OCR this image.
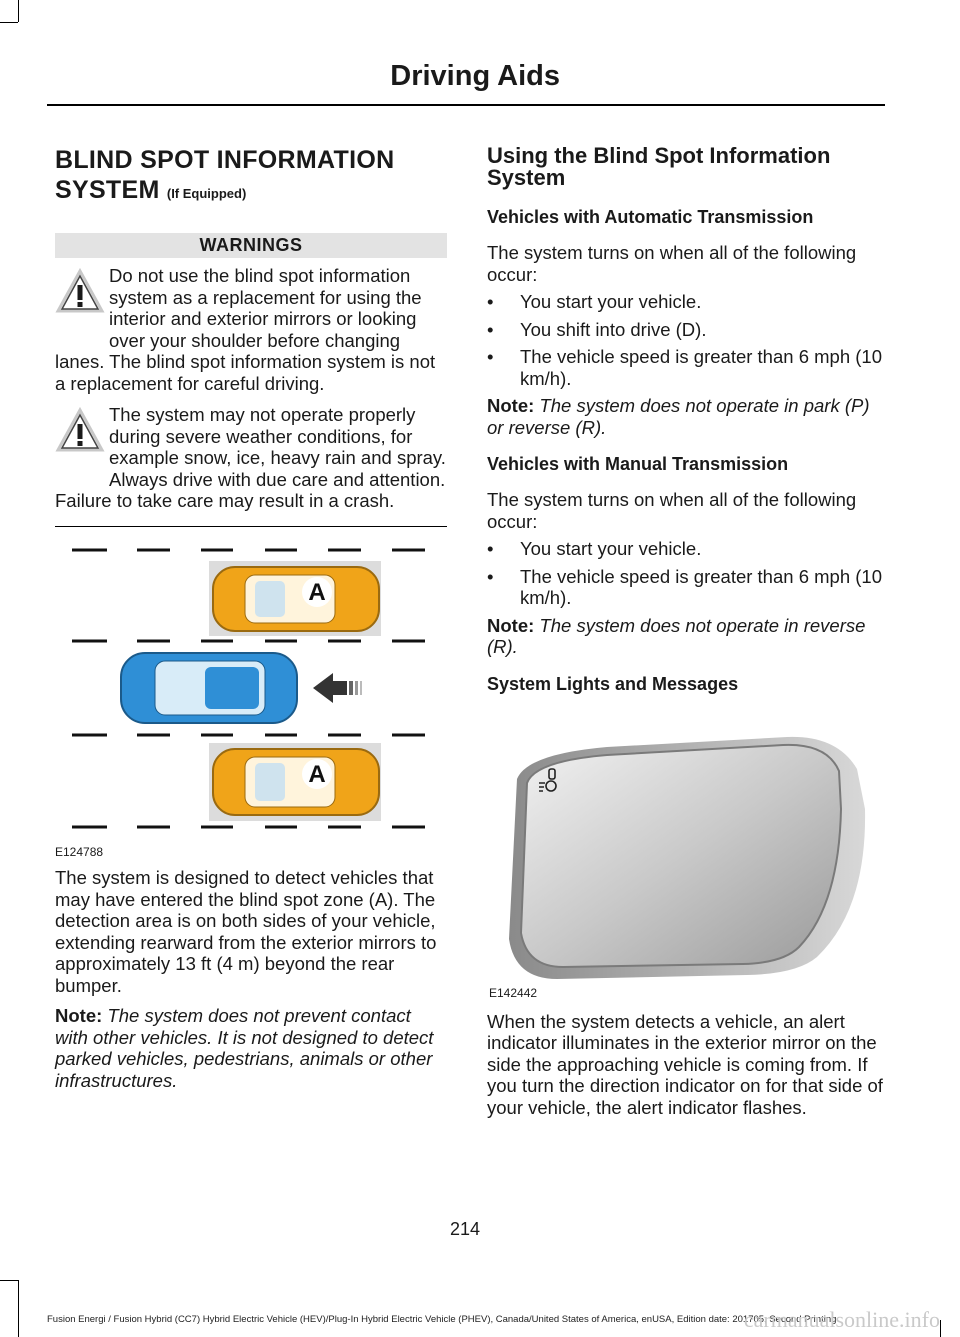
Driving Aids
BLIND SPOT INFORMATION
SYSTEM (If Equipped)
WARNINGS

Do not use the blind spot information system as a replacement for using the interior and exterior mirrors or looking over your shoulder before changing lanes. The blind spot information system is not a replacement for careful driving.

The system may not operate properly during severe weather conditions, for example snow, ice, heavy rain and spray. Always drive with due care and attention. Failure to take care may result in a crash.

A
A
E124788

The system is designed to detect vehicles that may have entered the blind spot zone (A). The detection area is on both sides of your vehicle, extending rearward from the exterior mirrors to approximately 13 ft (4 m) beyond the rear bumper.

Note: The system does not prevent contact with other vehicles. It is not designed to detect parked vehicles, pedestrians, animals or other infrastructures.

Using the Blind Spot Information System
Vehicles with Automatic Transmission

The system turns on when all of the following occur:

• You start your vehicle.
• You shift into drive (D).
• The vehicle speed is greater than 6 mph (10 km/h).

Note: The system does not operate in park (P) or reverse (R).

Vehicles with Manual Transmission

The system turns on when all of the following occur:

• You start your vehicle.
• The vehicle speed is greater than 6 mph (10 km/h).

Note: The system does not operate in reverse (R).

System Lights and Messages
E142442

When the system detects a vehicle, an alert indicator illuminates in the exterior mirror on the side the approaching vehicle is coming from. If you turn the direction indicator on for that side of your vehicle, the alert indicator flashes.

214
Fusion Energi / Fusion Hybrid (CC7) Hybrid Electric Vehicle (HEV)/Plug-In Hybrid Electric Vehicle (PHEV), Canada/United States of America, enUSA, Edition date: 201705, Second Printing
carmanualsonline.info
